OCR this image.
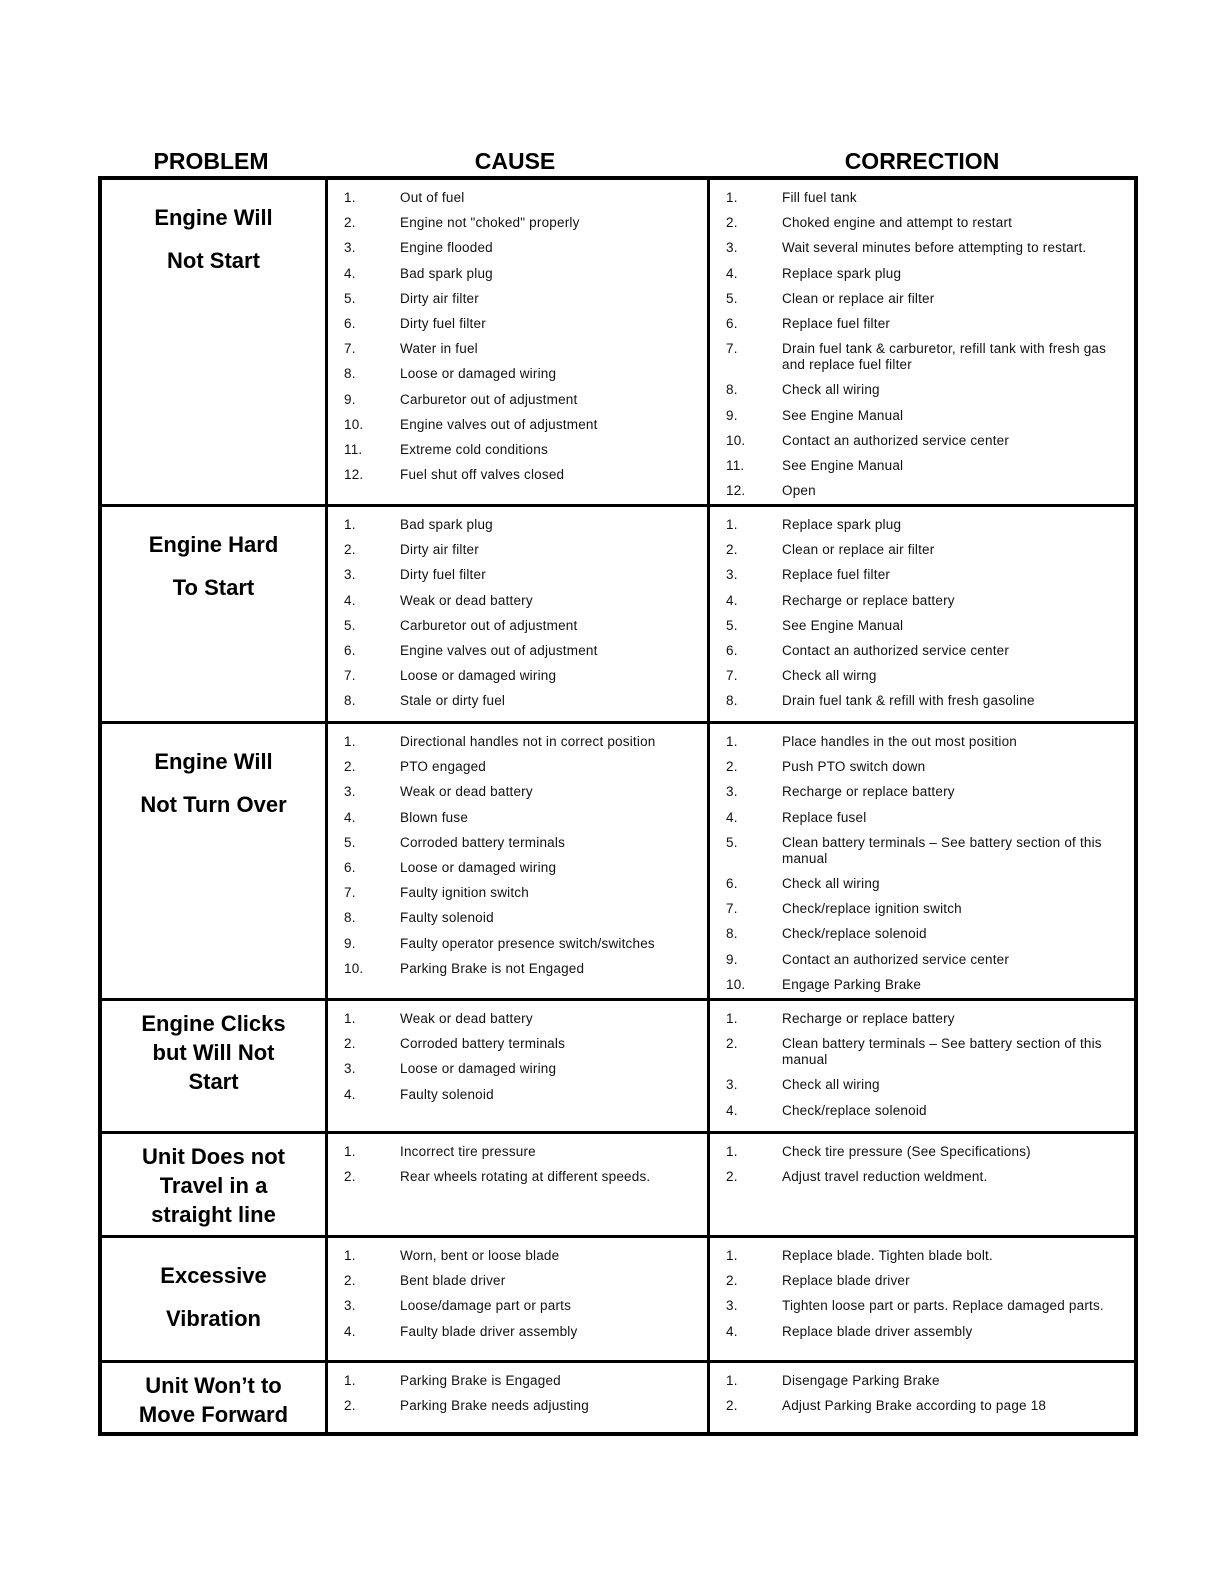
PROBLEM	CAUSE	CORRECTION
Engine Will
Not Start
1.	Out of fuel
2.	Engine not "choked" properly
3.	Engine flooded
4.	Bad spark plug
5.	Dirty air filter
6.	Dirty fuel filter
7.	Water in fuel
8.	Loose or damaged wiring
9.	Carburetor out of adjustment
10.	Engine valves out of adjustment
11.	Extreme cold conditions
12.	Fuel shut off valves closed
1.	Fill fuel tank
2.	Choked engine and attempt to restart
3.	Wait several minutes before attempting to restart.
4.	Replace spark plug
5.	Clean or replace air filter
6.	Replace fuel filter
7.	Drain fuel tank & carburetor, refill tank with fresh gas and replace fuel filter
8.	Check all wiring
9.	See Engine Manual
10.	Contact an authorized service center
11.	See Engine Manual
12.	Open
Engine Hard
To Start
1.	Bad spark plug
2.	Dirty air filter
3.	Dirty fuel filter
4.	Weak or dead battery
5.	Carburetor out of adjustment
6.	Engine valves out of adjustment
7.	Loose or damaged wiring
8.	Stale or dirty fuel
1.	Replace spark plug
2.	Clean or replace air filter
3.	Replace fuel filter
4.	Recharge or replace battery
5.	See Engine Manual
6.	Contact an authorized service center
7.	Check all wirng
8.	Drain fuel tank & refill with fresh gasoline
Engine Will
Not Turn Over
1.	Directional handles not in correct position
2.	PTO engaged
3.	Weak or dead battery
4.	Blown fuse
5.	Corroded battery terminals
6.	Loose or damaged wiring
7.	Faulty ignition switch
8.	Faulty solenoid
9.	Faulty operator presence switch/switches
10.	Parking Brake is not Engaged
1.	Place handles in the out most position
2.	Push PTO switch down
3.	Recharge or replace battery
4.	Replace fusel
5.	Clean battery terminals – See battery section of this manual
6.	Check all wiring
7.	Check/replace ignition switch
8.	Check/replace solenoid
9.	Contact an authorized service center
10.	Engage Parking Brake
Engine Clicks
but Will Not
Start
1.	Weak or dead battery
2.	Corroded battery terminals
3.	Loose or damaged wiring
4.	Faulty solenoid
1.	Recharge or replace battery
2.	Clean battery terminals – See battery section of this manual
3.	Check all wiring
4.	Check/replace solenoid
Unit Does not
Travel in a
straight line
1.	Incorrect tire pressure
2.	Rear wheels rotating at different speeds.
1.	Check tire pressure (See Specifications)
2.	Adjust travel reduction weldment.
Excessive
Vibration
1.	Worn, bent or loose blade
2.	Bent blade driver
3.	Loose/damage part or parts
4.	Faulty blade driver assembly
1.	Replace blade. Tighten blade bolt.
2.	Replace blade driver
3.	Tighten loose part or parts. Replace damaged parts.
4.	Replace blade driver assembly
Unit Won’t to
Move Forward
1.	Parking Brake is Engaged
2.	Parking Brake needs adjusting
1.	Disengage Parking Brake
2.	Adjust Parking Brake according to page 18
